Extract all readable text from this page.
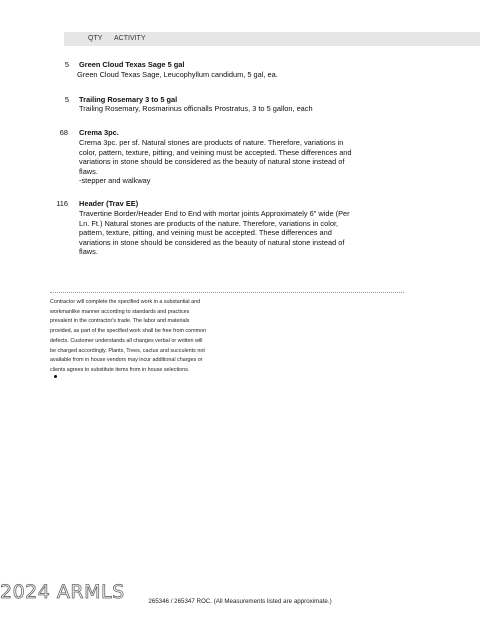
QTY ACTIVITY
5 Green Cloud Texas Sage 5 gal
Green Cloud Texas Sage, Leucophyllum candidum, 5 gal, ea.
5 Trailing Rosemary 3 to 5 gal
Trailing Rosemary, Rosmarinus officnalls Prostratus, 3 to 5 gallon, each
68 Crema 3pc.
Crema 3pc. per sf. Natural stones are products of nature. Therefore, variations in
color, pattern, texture, pitting, and veining must be accepted. These differences and
variations in stone should be considered as the beauty of natural stone instead of
flaws.
-stepper and walkway
116 Header (Trav EE)
Travertine Border/Header End to End with mortar joints Approximately 6" wide (Per
Ln. Ft.) Natural stones are products of the nature. Therefore, variations in color,
pattern, texture, pitting, and veining must be accepted. These differences and
variations in stone should be considered as the beauty of natural stone instead of
flaws.
Contractor will complete the specified work in a substantial and
workmanlike manner according to standards and practices
prevalent in the contractor's trade. The labor and materials
provided, as part of the specified work shall be free from common
defects. Customer understands all changes verbal or written will
be charged accordingly. Plants, Trees, cactus and succulents not
available from in house vendors may incur additional charges or
clients agrees to substitute items from in house selections.
2024 ARMLS	265346 / 265347 ROC. (All Measurements listed are approximate.)
